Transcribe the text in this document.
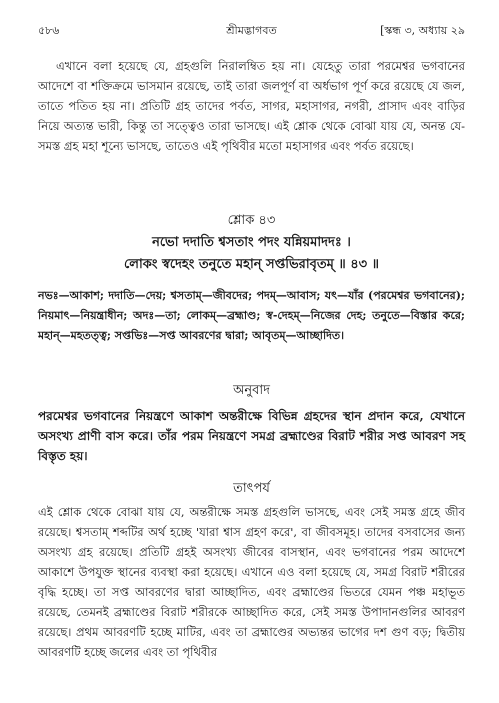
৫৮৬	শ্রীমদ্ভাগবত	[স্কন্ধ ৩, অধ্যায় ২৯

এখানে বলা হয়েছে যে, গ্রহগুলি নিরালম্বিত হয় না। যেহেতু তারা পরমেশ্বর ভগবানের আদেশে বা শক্তিক্রমে ভাসমান রয়েছে, তাই তারা জলপূর্ণ বা অর্ধভাগ পূর্ণ করে রয়েছে যে জল, তাতে পতিত হয় না। প্রতিটি গ্রহ তাদের পর্বত, সাগর, মহাসাগর, নগরী, প্রাসাদ এবং বাড়ির নিয়ে অত্যন্ত ভারী, কিন্তু তা সত্ত্বেও তারা ভাসছে। এই শ্লোক থেকে বোঝা যায় যে, অনন্ত যে-সমস্ত গ্রহ মহা শূন্যে ভাসছে, তাতেও এই পৃথিবীর মতো মহাসাগর এবং পর্বত রয়েছে।

শ্লোক ৪৩

নভো দদাতি শ্বসতাং পদং যন্নিয়মাদদঃ ।

লোকং স্বদেহং তনুতে মহান্ সপ্তভিরাবৃতম্ ॥ ৪৩ ॥

নভঃ—আকাশ; দদাতি—দেয়; শ্বসতাম্—জীবদের; পদম্—আবাস; যৎ—যাঁর (পরমেশ্বর ভগবানের); নিয়মাৎ—নিয়ন্ত্রাধীন; অদঃ—তা; লোকম্—ব্রহ্মাণ্ড; স্ব-দেহম্—নিজের দেহ; তনুতে—বিস্তার করে; মহান্—মহতত্ত্ব; সপ্তভিঃ—সপ্ত আবরণের দ্বারা; আবৃতম্—আচ্ছাদিত।

অনুবাদ

পরমেশ্বর ভগবানের নিয়ন্ত্রণে আকাশ অন্তরীক্ষে বিভিন্ন গ্রহদের স্থান প্রদান করে, যেখানে অসংখ্য প্রাণী বাস করে। তাঁর পরম নিয়ন্ত্রণে সমগ্র ব্রহ্মাণ্ডের বিরাট শরীর সপ্ত আবরণ সহ বিস্তৃত হয়।

তাৎপর্য

এই শ্লোক থেকে বোঝা যায় যে, অন্তরীক্ষে সমস্ত গ্রহগুলি ভাসছে, এবং সেই সমস্ত গ্রহে জীব রয়েছে। শ্বসতাম্ শব্দটির অর্থ হচ্ছে 'যারা শ্বাস গ্রহণ করে', বা জীবসমূহ। তাদের বসবাসের জন্য অসংখ্য গ্রহ রয়েছে। প্রতিটি গ্রহই অসংখ্য জীবের বাসস্থান, এবং ভগবানের পরম আদেশে আকাশে উপযুক্ত স্থানের ব্যবস্থা করা হয়েছে। এখানে এও বলা হয়েছে যে, সমগ্র বিরাট শরীরের বৃদ্ধি হচ্ছে। তা সপ্ত আবরণের দ্বারা আচ্ছাদিত, এবং ব্রহ্মাণ্ডের ভিতরে যেমন পঞ্চ মহাভূত রয়েছে, তেমনই ব্রহ্মাণ্ডের বিরাট শরীরকে আচ্ছাদিত করে, সেই সমস্ত উপাদানগুলির আবরণ রয়েছে। প্রথম আবরণটি হচ্ছে মাটির, এবং তা ব্রহ্মাণ্ডের অভ্যন্তর ভাগের দশ গুণ বড়; দ্বিতীয় আবরণটি হচ্ছে জলের এবং তা পৃথিবীর
